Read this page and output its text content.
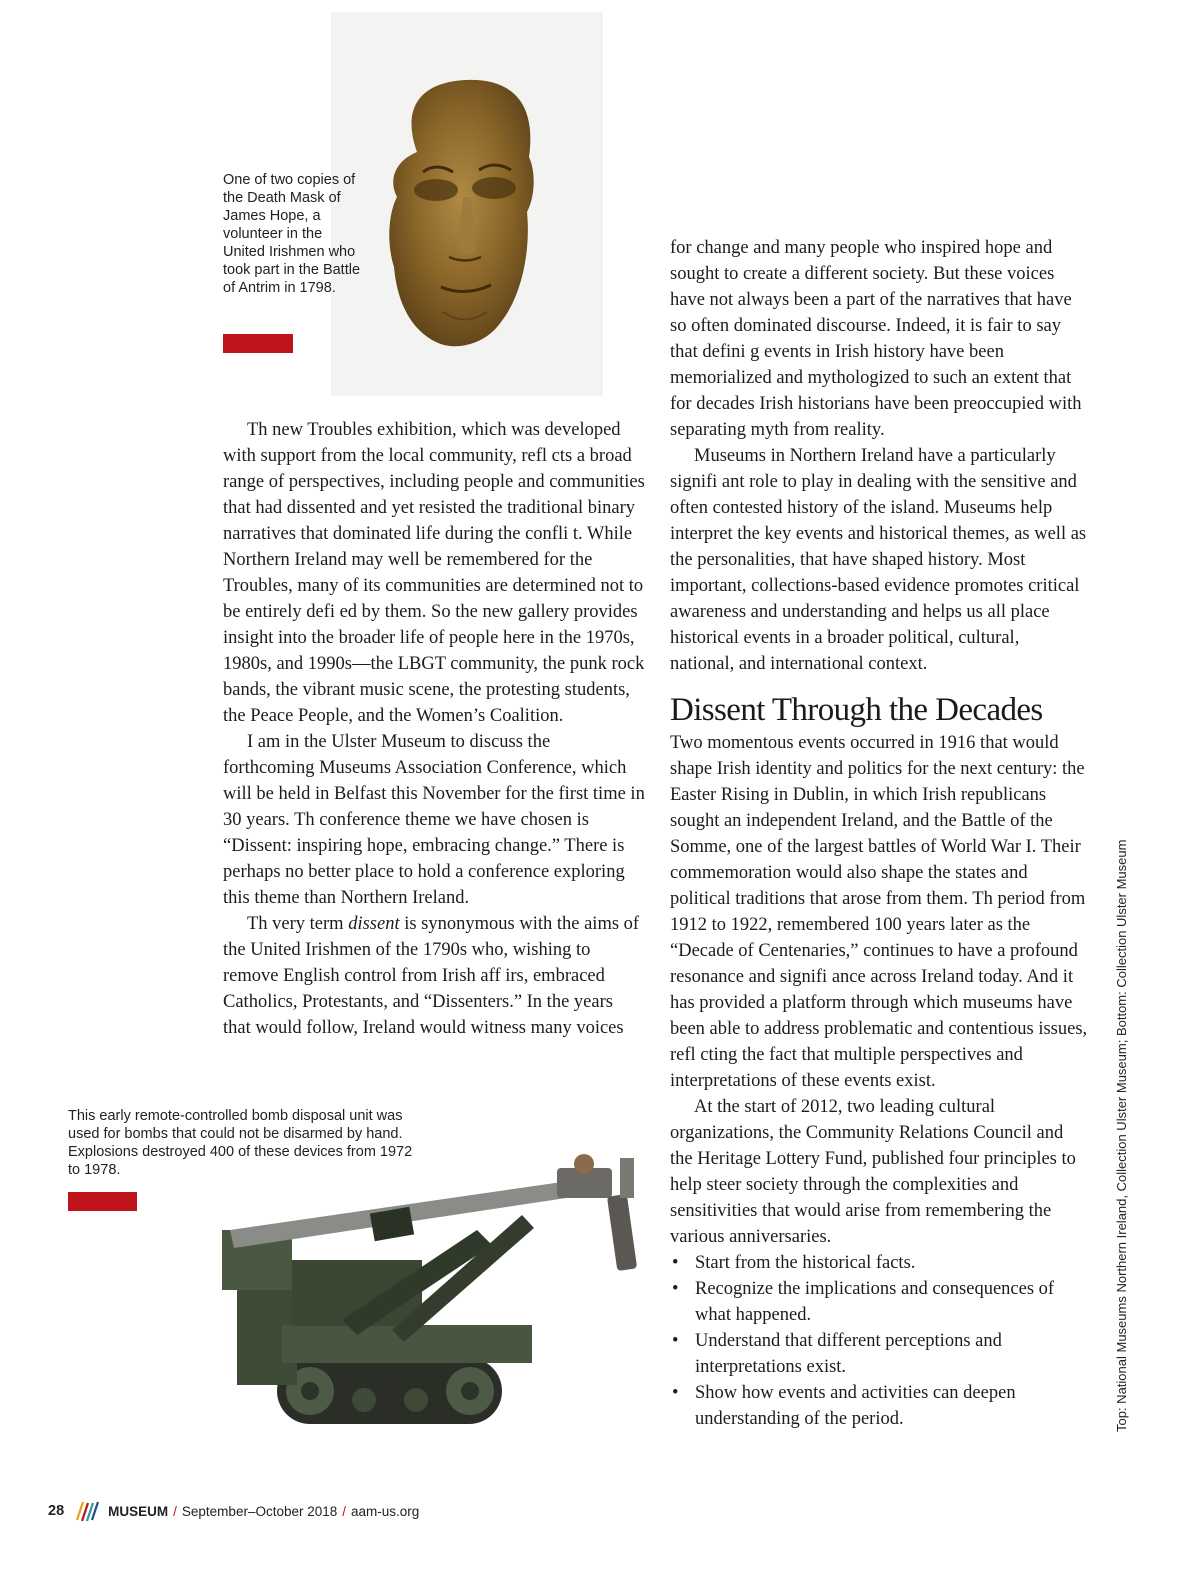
One of two copies of the Death Mask of James Hope, a volunteer in the United Irishmen who took part in the Battle of Antrim in 1798.

Th new Troubles exhibition, which was developed with support from the local community, refl cts a broad range of perspectives, including people and communities that had dissented and yet resisted the traditional binary narratives that dominated life during the confli t. While Northern Ireland may well be remembered for the Troubles, many of its communities are determined not to be entirely defi ed by them. So the new gallery provides insight into the broader life of people here in the 1970s, 1980s, and 1990s—the LBGT community, the punk rock bands, the vibrant music scene, the protesting students, the Peace People, and the Women’s Coalition.

I am in the Ulster Museum to discuss the forthcoming Museums Association Conference, which will be held in Belfast this November for the first time in 30 years. Th conference theme we have chosen is “Dissent: inspiring hope, embracing change.” There is perhaps no better place to hold a conference exploring this theme than Northern Ireland.

Th very term dissent is synonymous with the aims of the United Irishmen of the 1790s who, wishing to remove English control from Irish aff irs, embraced Catholics, Protestants, and “Dissenters.” In the years that would follow, Ireland would witness many voices

for change and many people who inspired hope and sought to create a different society. But these voices have not always been a part of the narratives that have so often dominated discourse. Indeed, it is fair to say that defini g events in Irish history have been memorialized and mythologized to such an extent that for decades Irish historians have been preoccupied with separating myth from reality.

Museums in Northern Ireland have a particularly signifi ant role to play in dealing with the sensitive and often contested history of the island. Museums help interpret the key events and historical themes, as well as the personalities, that have shaped history. Most important, collections-based evidence promotes critical awareness and understanding and helps us all place historical events in a broader political, cultural, national, and international context.

Dissent Through the Decades

Two momentous events occurred in 1916 that would shape Irish identity and politics for the next century: the Easter Rising in Dublin, in which Irish republicans sought an independent Ireland, and the Battle of the Somme, one of the largest battles of World War I. Their commemoration would also shape the states and political traditions that arose from them. Th period from 1912 to 1922, remembered 100 years later as the “Decade of Centenaries,” continues to have a profound resonance and signifi ance across Ireland today. And it has provided a platform through which museums have been able to address problematic and contentious issues, refl cting the fact that multiple perspectives and interpretations of these events exist.

At the start of 2012, two leading cultural organizations, the Community Relations Council and the Heritage Lottery Fund, published four principles to help steer society through the complexities and sensitivities that would arise from remembering the various anniversaries.

• Start from the historical facts.
• Recognize the implications and consequences of what happened.
• Understand that different perceptions and interpretations exist.
• Show how events and activities can deepen understanding of the period.
This early remote-controlled bomb disposal unit was used for bombs that could not be disarmed by hand. Explosions destroyed 400 of these devices from 1972 to 1978.	Top: National Museums Northern Ireland, Collection Ulster Museum; Bottom: Collection Ulster Museum
28	MUSEUM / September–October 2018 / aam-us.org
